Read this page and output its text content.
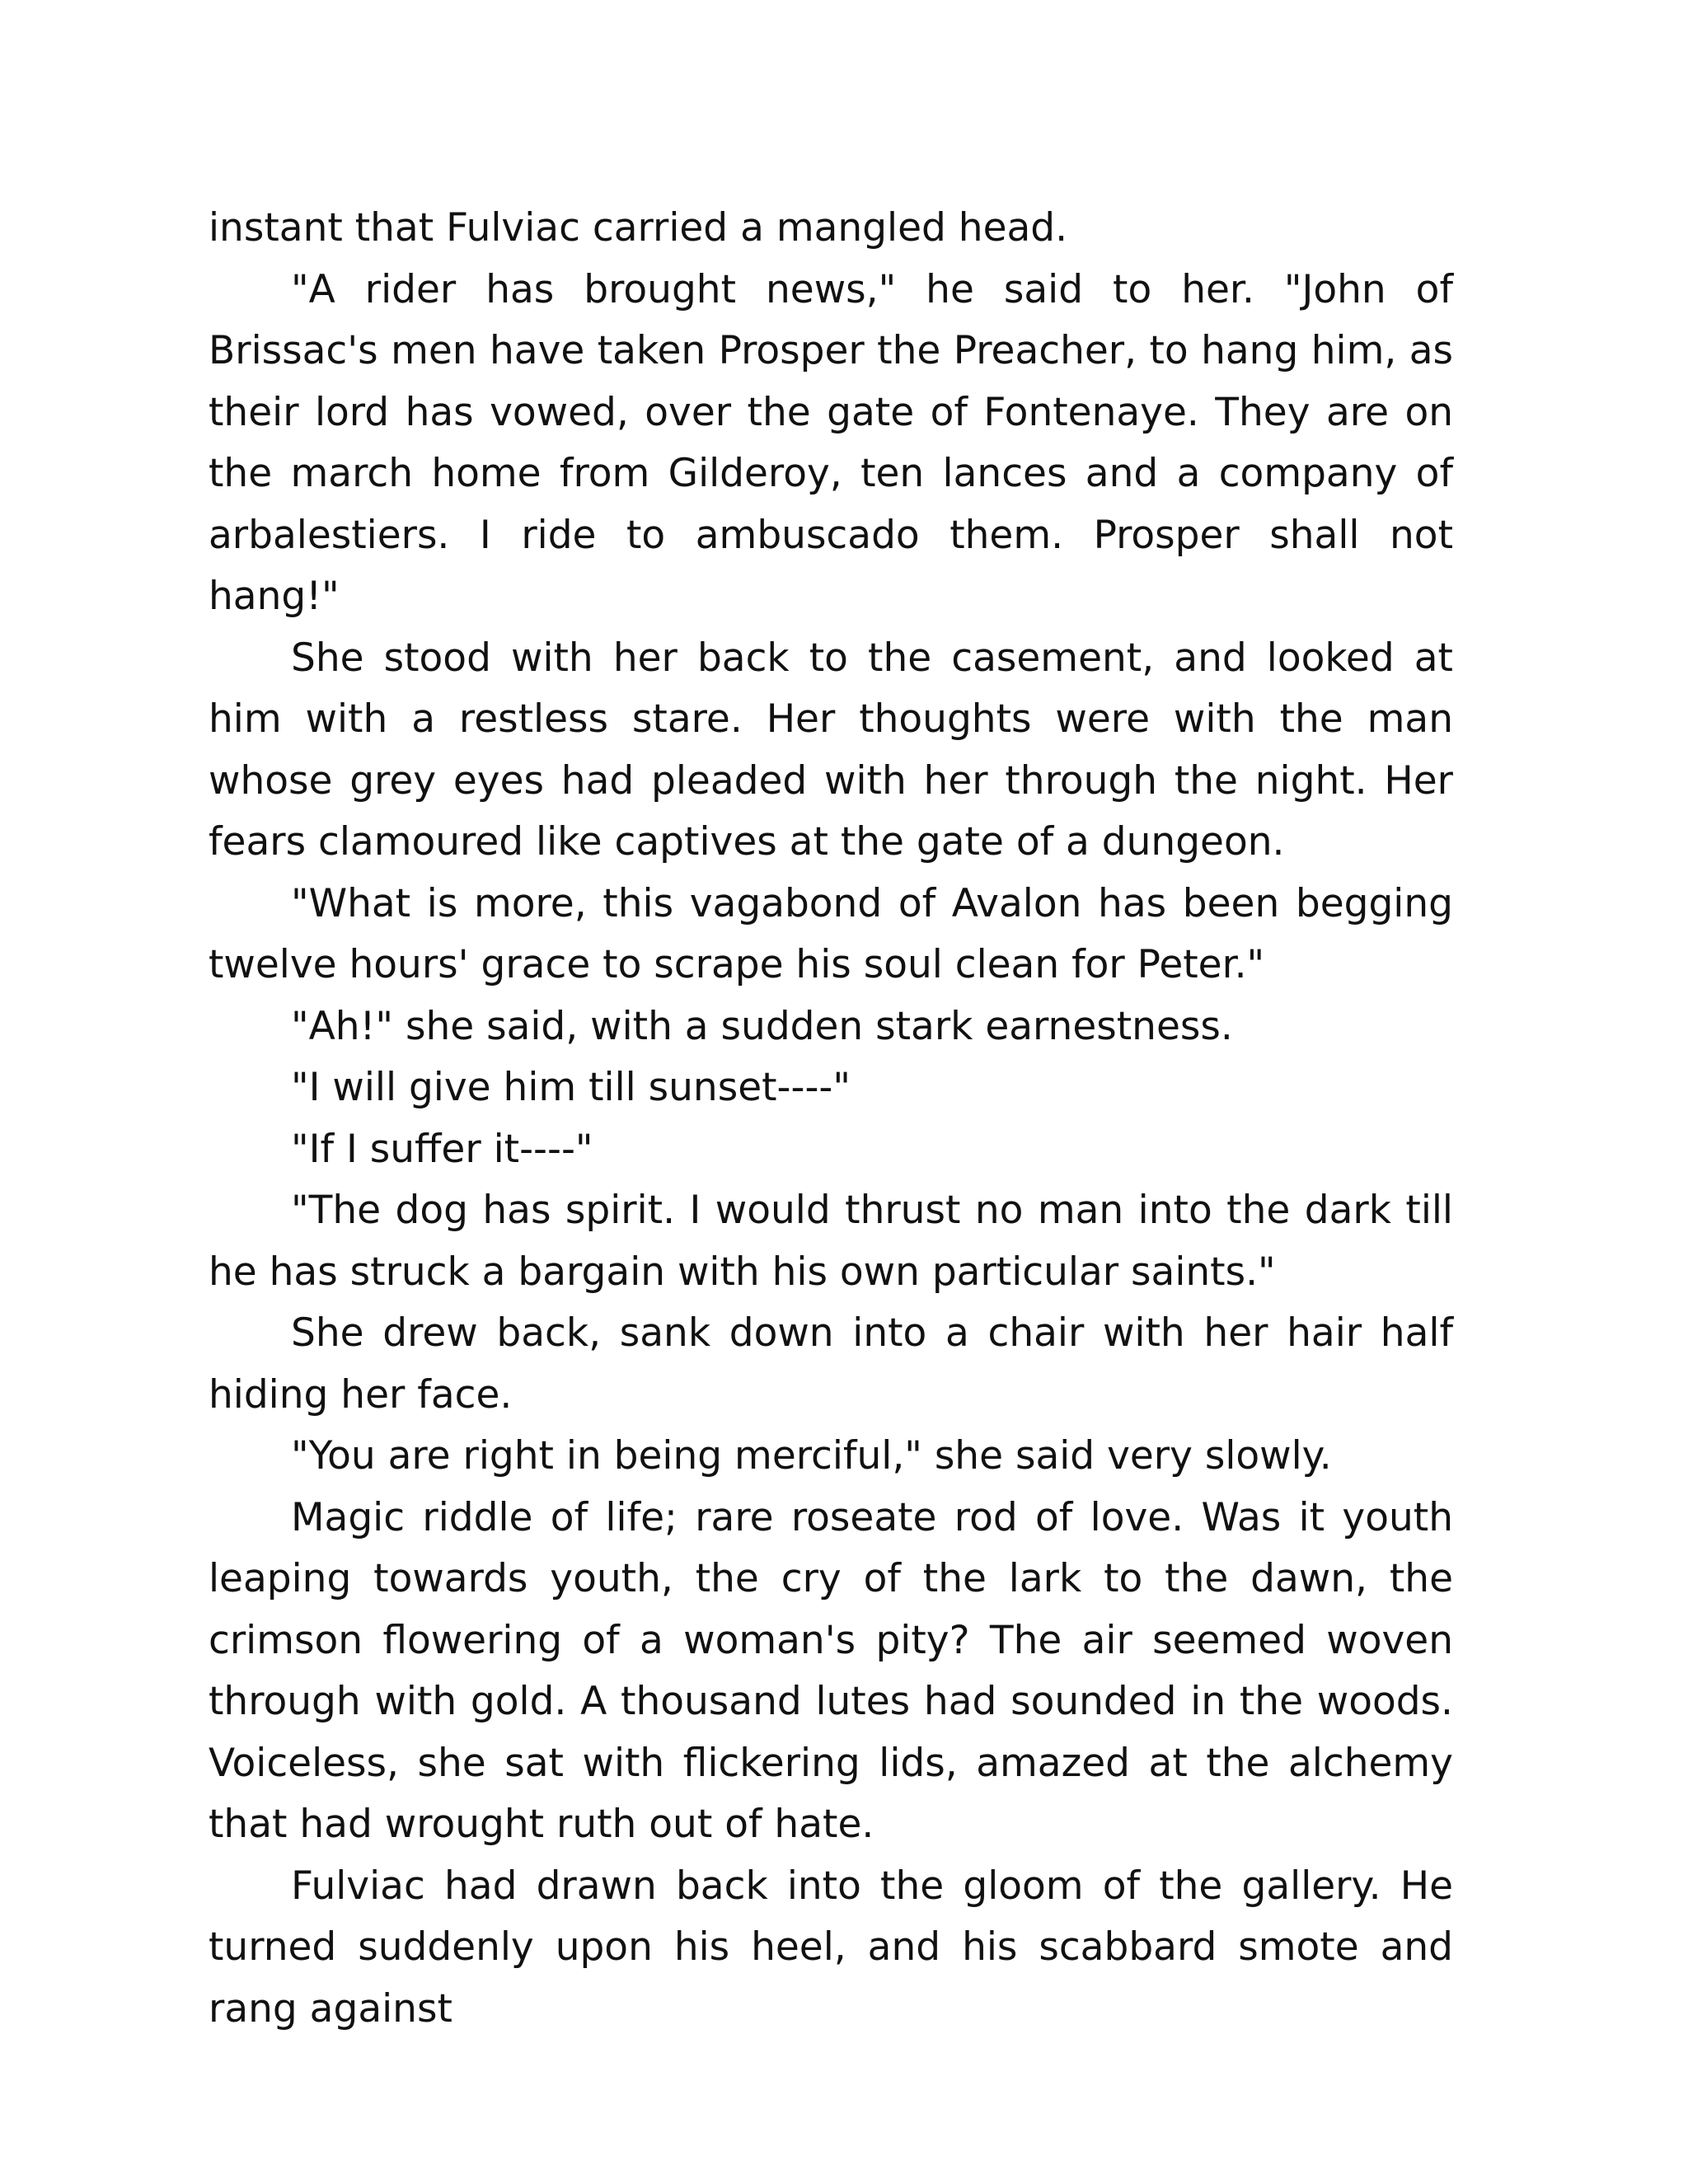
instant that Fulviac carried a mangled head.

"A rider has brought news," he said to her. "John of Brissac's men have taken Prosper the Preacher, to hang him, as their lord has vowed, over the gate of Fontenaye. They are on the march home from Gilderoy, ten lances and a company of arbalestiers. I ride to ambuscado them. Prosper shall not hang!"

She stood with her back to the casement, and looked at him with a restless stare. Her thoughts were with the man whose grey eyes had pleaded with her through the night. Her fears clamoured like captives at the gate of a dungeon.

"What is more, this vagabond of Avalon has been begging twelve hours' grace to scrape his soul clean for Peter."

"Ah!" she said, with a sudden stark earnestness.

"I will give him till sunset----"

"If I suffer it----"

"The dog has spirit. I would thrust no man into the dark till he has struck a bargain with his own particular saints."

She drew back, sank down into a chair with her hair half hiding her face.

"You are right in being merciful," she said very slowly.

Magic riddle of life; rare roseate rod of love. Was it youth leaping towards youth, the cry of the lark to the dawn, the crimson flowering of a woman's pity? The air seemed woven through with gold. A thousand lutes had sounded in the woods. Voiceless, she sat with flickering lids, amazed at the alchemy that had wrought ruth out of hate.

Fulviac had drawn back into the gloom of the gallery. He turned suddenly upon his heel, and his scabbard smote and rang against
